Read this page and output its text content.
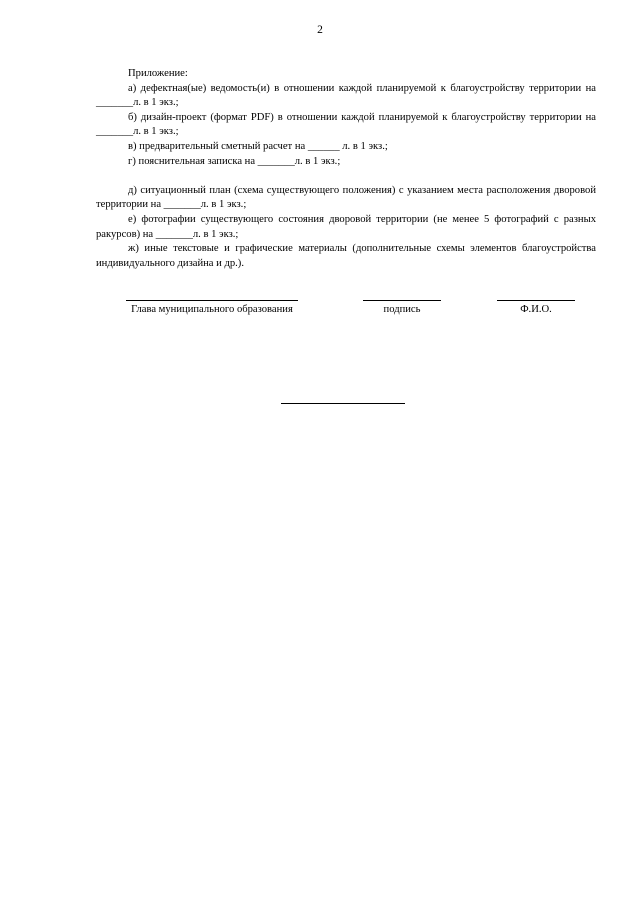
2

Приложение:

а) дефектная(ые) ведомость(и) в отношении каждой планируемой к благоустройству территории на _______л. в 1 экз.;

б) дизайн-проект (формат PDF) в отношении каждой планируемой к благоустройству территории на _______л. в 1 экз.;

в) предварительный сметный расчет на ______ л. в 1 экз.;

г) пояснительная записка на _______л. в 1 экз.;

д) ситуационный план (схема существующего положения) с указанием места расположения дворовой территории на _______л. в 1 экз.;

е) фотографии существующего состояния дворовой территории (не менее 5 фотографий с разных ракурсов) на _______л. в 1 экз.;

ж) иные текстовые и графические материалы (дополнительные схемы элементов благоустройства индивидуального дизайна и др.).

Глава муниципального образования	подпись	Ф.И.О.
